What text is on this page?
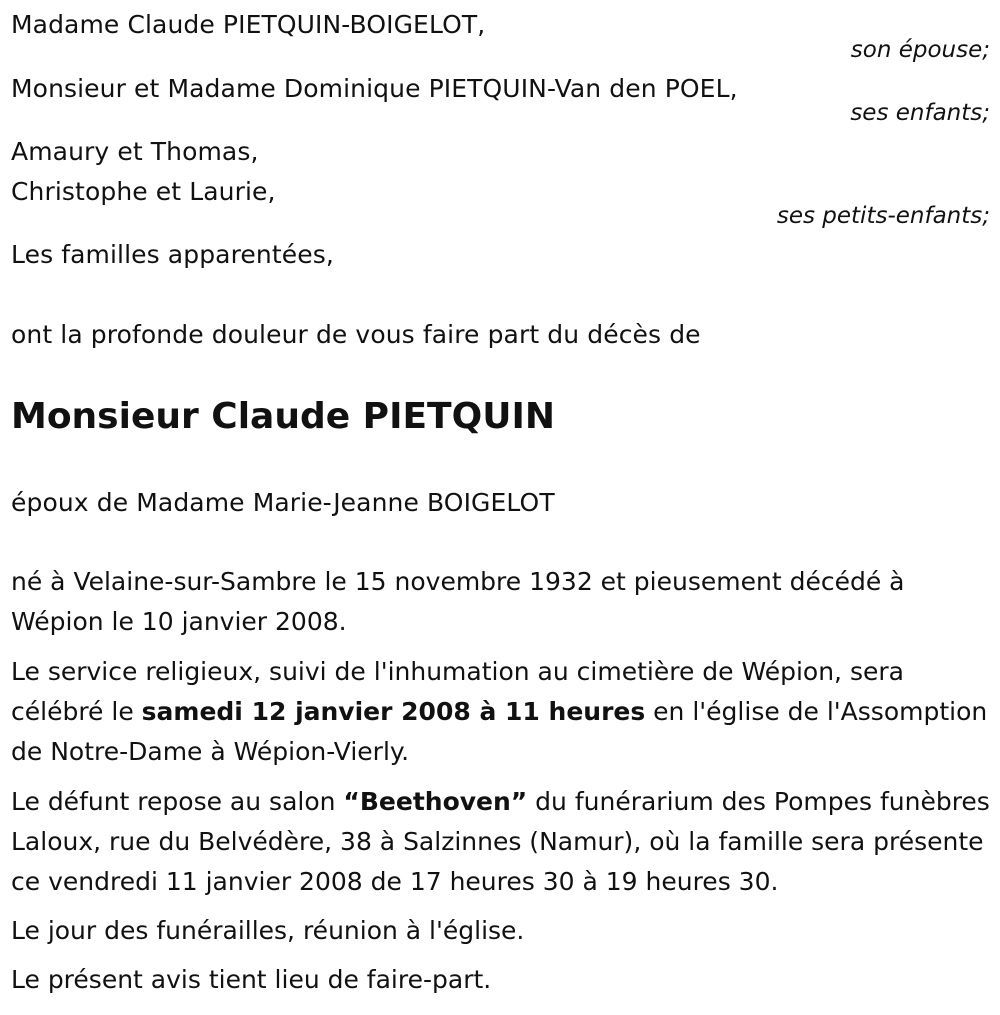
Madame Claude PIETQUIN-BOIGELOT,
son épouse;
Monsieur et Madame Dominique PIETQUIN-Van den POEL,
ses enfants;
Amaury et Thomas,
Christophe et Laurie,
ses petits-enfants;
Les familles apparentées,
ont la profonde douleur de vous faire part du décès de
Monsieur Claude PIETQUIN
époux de Madame Marie-Jeanne BOIGELOT
né à Velaine-sur-Sambre le 15 novembre 1932 et pieusement décédé à Wépion le 10 janvier 2008.
Le service religieux, suivi de l'inhumation au cimetière de Wépion, sera célébré le samedi 12 janvier 2008 à 11 heures en l'église de l'Assomption de Notre-Dame à Wépion-Vierly.
Le défunt repose au salon “Beethoven” du funérarium des Pompes funèbres Laloux, rue du Belvédère, 38 à Salzinnes (Namur), où la famille sera présente ce vendredi 11 janvier 2008 de 17 heures 30 à 19 heures 30.
Le jour des funérailles, réunion à l'église.
Le présent avis tient lieu de faire-part.
